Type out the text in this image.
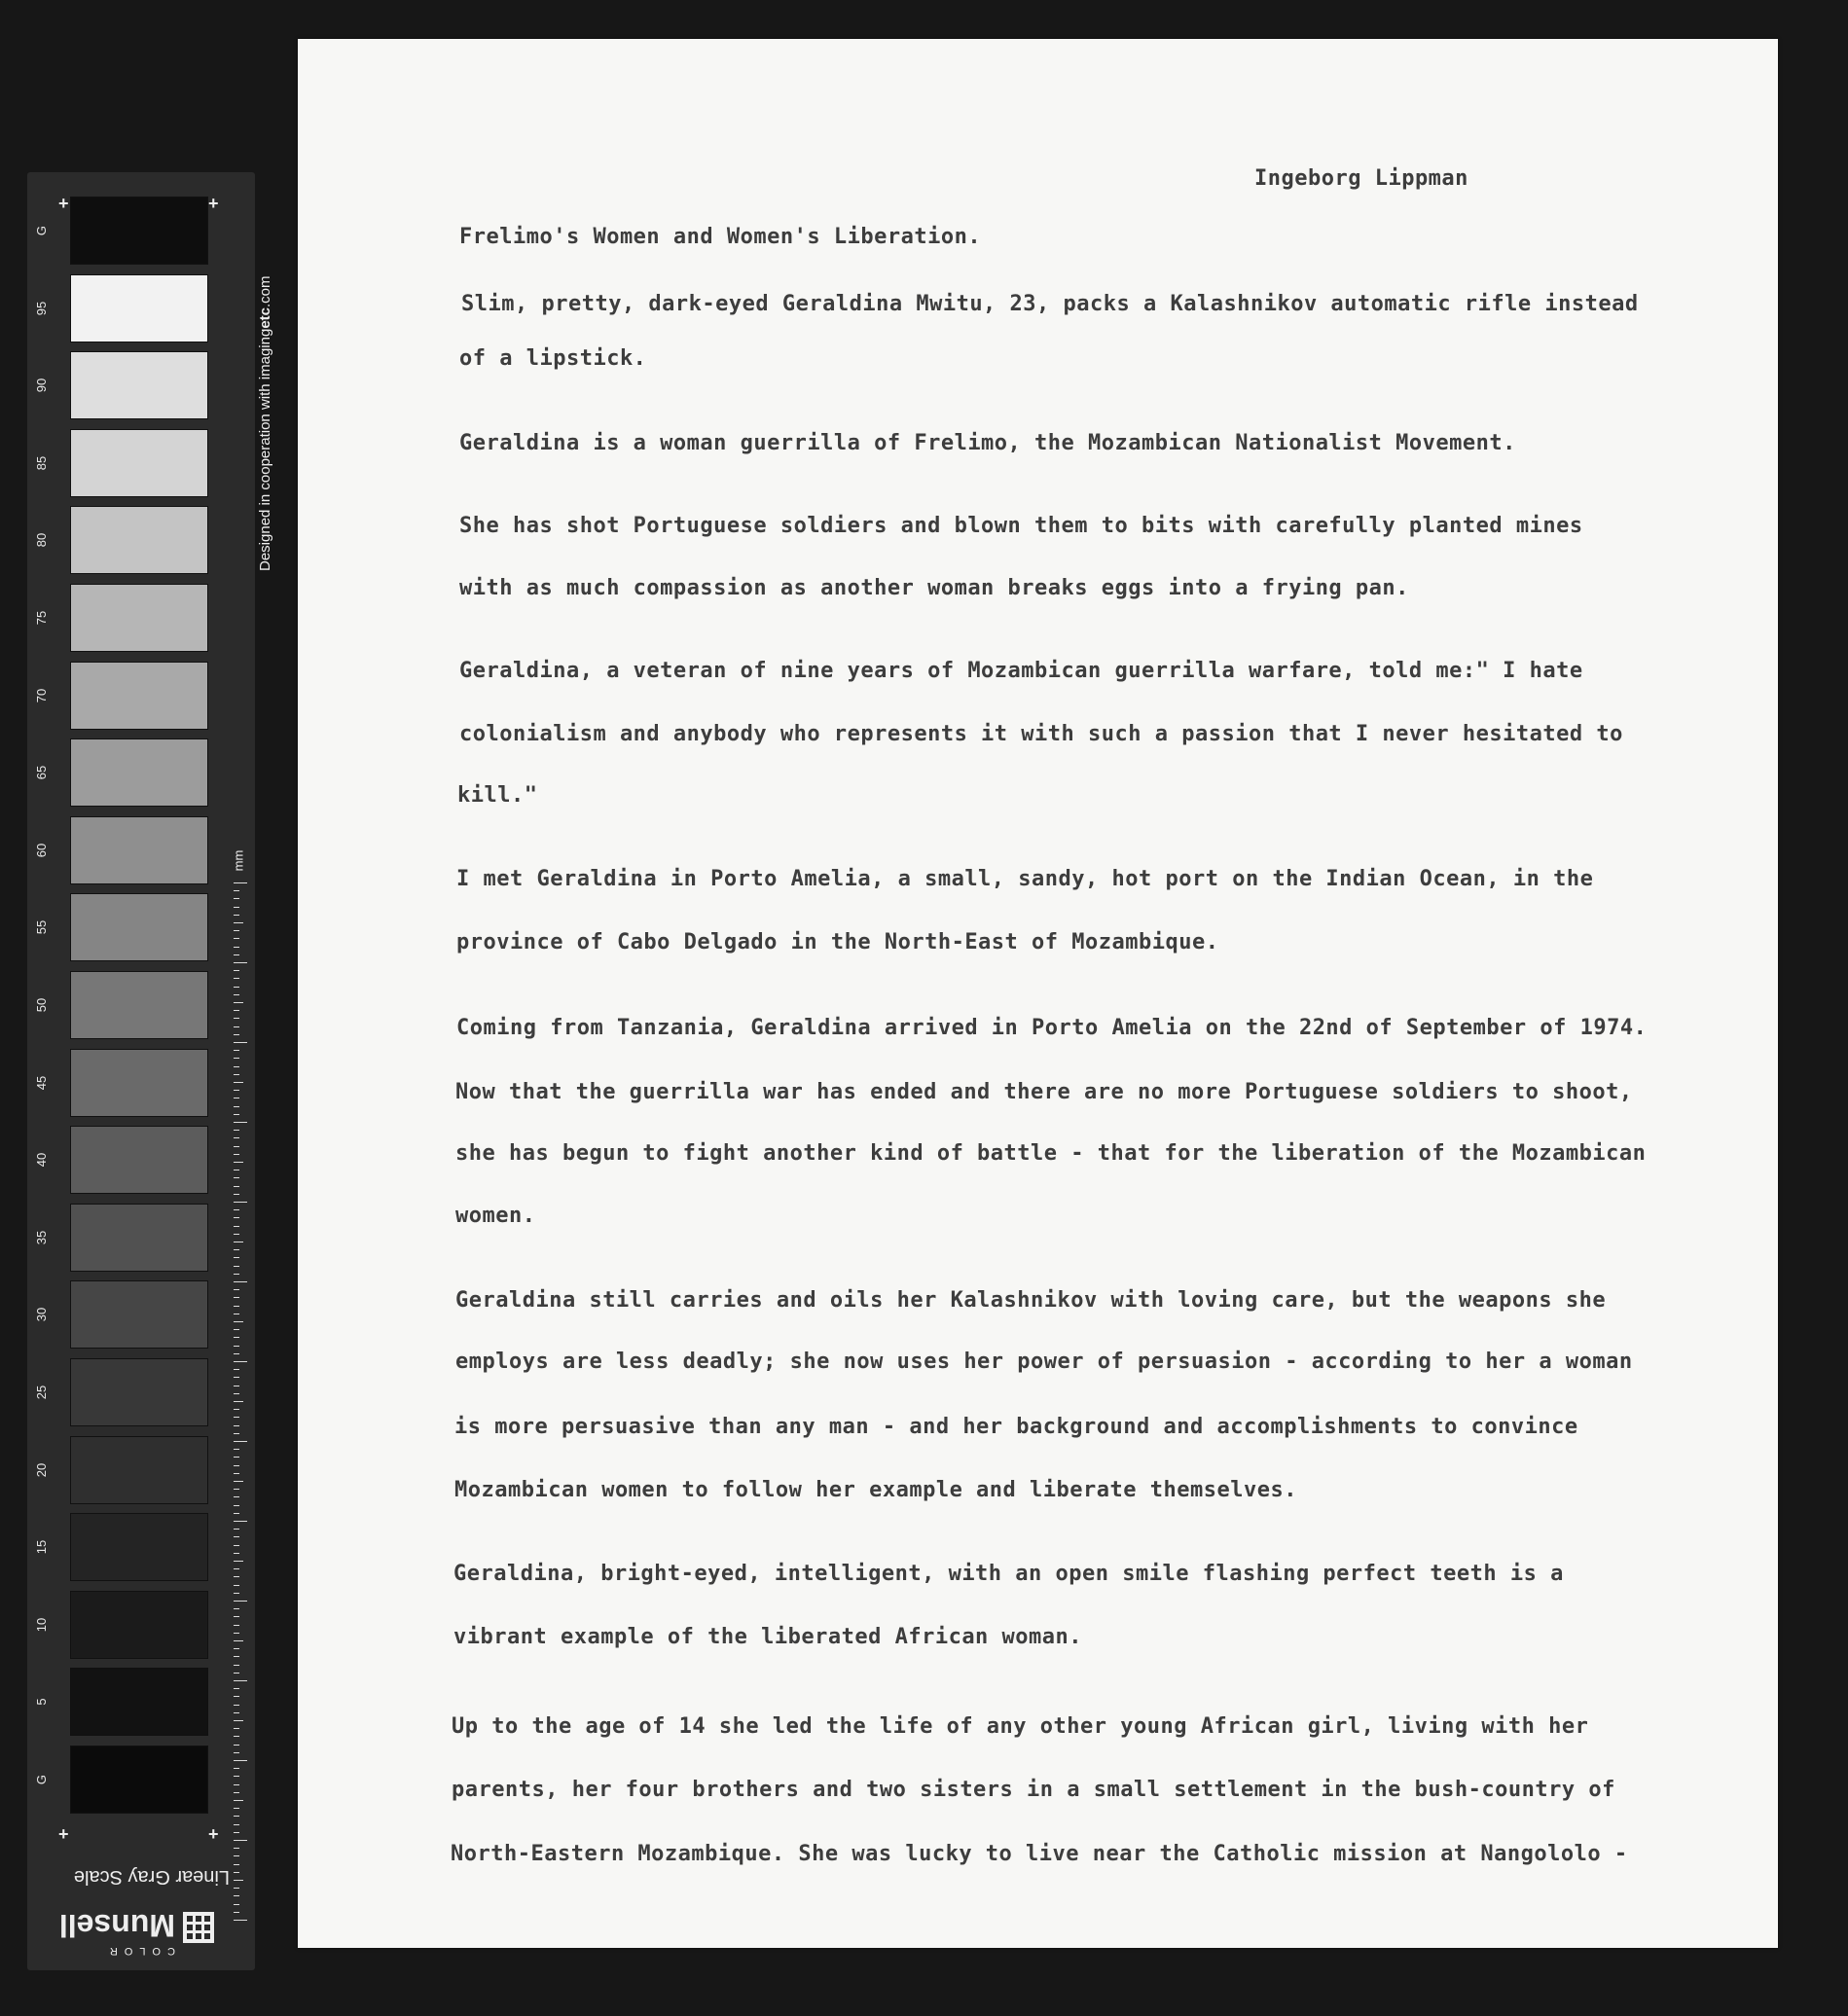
Designed in cooperation with imagingetc.com
mm
+	+
+	+
G
95
90
85
80
75
70
65
60
55
50
45
40
35
30
25
20
15
10
5
G
Linear Gray Scale
COLOR
Munsell

Ingeborg Lippman

Frelimo's Women and Women's Liberation.

Slim, pretty, dark-eyed Geraldina Mwitu, 23, packs a Kalashnikov automatic rifle instead

of a lipstick.

Geraldina is a woman guerrilla of Frelimo, the Mozambican Nationalist Movement.

She has shot Portuguese soldiers and blown them to bits with carefully planted mines

with as much compassion as another woman breaks eggs into a frying pan.

Geraldina, a veteran of nine years of Mozambican guerrilla warfare, told me:" I hate

colonialism and anybody who represents it with such a passion that I never hesitated to

kill."

I met Geraldina in Porto Amelia, a small, sandy, hot port on the Indian Ocean, in the

province of Cabo Delgado in the North-East of Mozambique.

Coming from Tanzania, Geraldina arrived in Porto Amelia on the 22nd of September of 1974.

Now that the guerrilla war has ended and there are no more Portuguese soldiers to shoot,

she has begun to fight another kind of battle - that for the liberation of the Mozambican

women.

Geraldina still carries and oils her Kalashnikov with loving care, but the weapons she

employs are less deadly; she now uses her power of persuasion - according to her a woman

is more persuasive than any man - and her background and accomplishments to convince

Mozambican women to follow her example and liberate themselves.

Geraldina, bright-eyed, intelligent, with an open smile flashing perfect teeth is a

vibrant example of the liberated African woman.

Up to the age of 14 she led the life of any other young African girl, living with her

parents, her four brothers and two sisters in a small settlement in the bush-country of

North-Eastern Mozambique. She was lucky to live near the Catholic mission at Nangololo -
